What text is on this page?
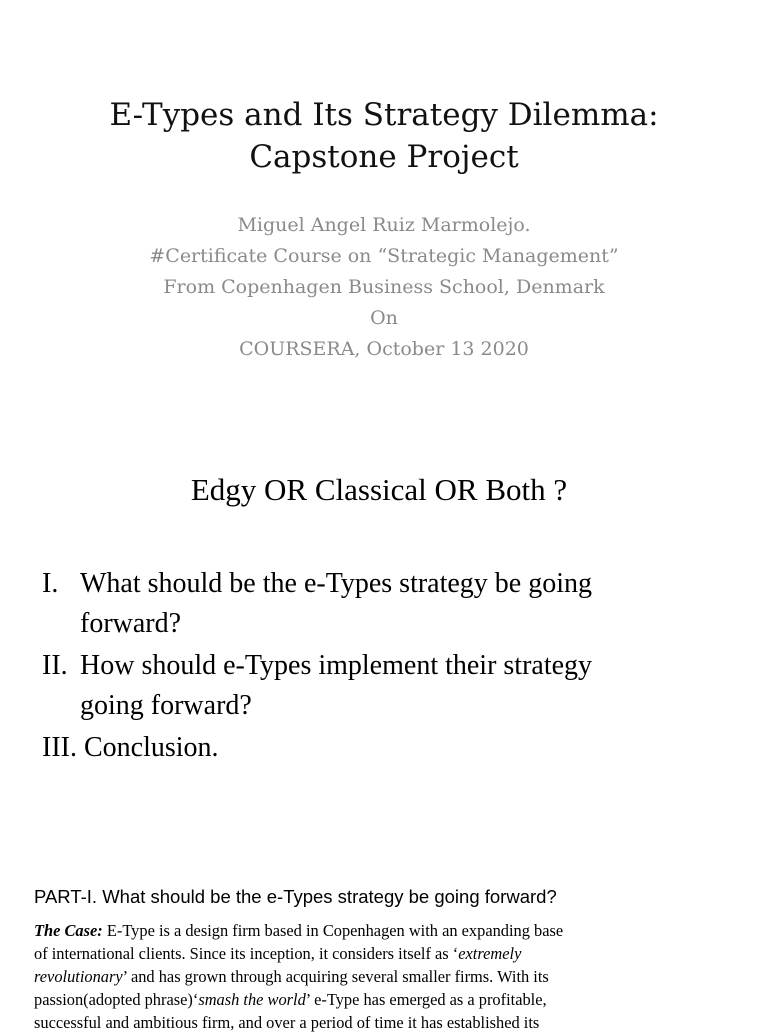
E-Types and Its Strategy Dilemma:
Capstone Project
Miguel Angel Ruiz Marmolejo.
#Certificate Course on “Strategic Management”
From Copenhagen Business School, Denmark
On
COURSERA, October 13 2020
Edgy OR Classical OR Both ?
I. What should be the e-Types strategy be going
forward?
II. How should e-Types implement their strategy
going forward?
III. Conclusion.
PART-I. What should be the e-Types strategy be going forward?
The Case: E-Type is a design firm based in Copenhagen with an expanding base
of international clients. Since its inception, it considers itself as ‘extremely
revolutionary’ and has grown through acquiring several smaller firms. With its
passion(adopted phrase)‘smash the world’ e-Type has emerged as a profitable,
successful and ambitious firm, and over a period of time it has established its
